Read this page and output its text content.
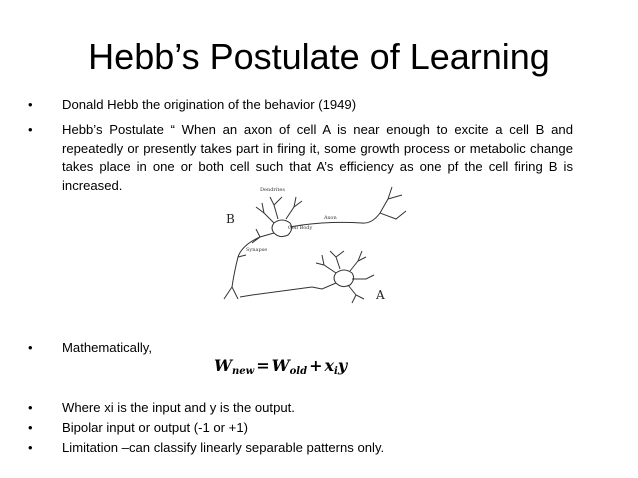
Hebb’s Postulate of Learning
• Donald Hebb the origination of the behavior (1949)
• Hebb’s Postulate “ When an axon of cell A is near enough to excite a cell B and repeatedly or presently takes part in firing it, some growth process or metabolic change takes place in one or both cell such that A’s efficiency as one pf the cell firing B is increased.
B
A
Dendrites
Axon
Cell Body
Synapse
• Mathematically,
$W_{new} = W_{old} + x_iy$
• Where xi is the input and y is the output.
• Bipolar input or output (-1 or +1)
• Limitation –can classify linearly separable patterns only.
